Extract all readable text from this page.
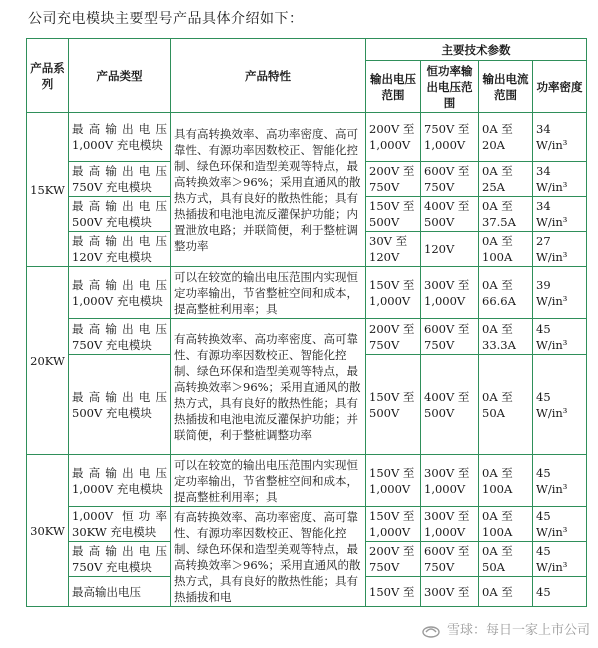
公司充电模块主要型号产品具体介绍如下：
产品系列	产品类型	产品特性	主要技术参数			
			输出电压范围	恒功率输出电压范围	输出电流范围	功率密度
15KW	最高输出电压1,000V 充电模块	具有高转换效率、高功率密度、高可靠性、有源功率因数校正、智能化控制、绿色环保和造型美观等特点，最高转换效率＞96%；采用直通风的散热方式，具有良好的散热性能；具有热插拔和电池电流反灌保护功能；内置泄放电路；并联简便，利于整桩调整功率	200V 至 1,000V	750V 至 1,000V	0A 至 20A	34 W/in³
	最高输出电压750V 充电模块		200V 至 750V	600V 至 750V	0A 至 25A	34 W/in³
	最高输出电压500V 充电模块		150V 至 500V	400V 至 500V	0A 至 37.5A	34 W/in³
	最高输出电压120V 充电模块		30V 至 120V	120V	0A 至 100A	27 W/in³
20KW	最高输出电压1,000V 充电模块	可以在较宽的输出电压范围内实现恒定功率输出，节省整桩空间和成本，提高整桩利用率；具	150V 至 1,000V	300V 至 1,000V	0A 至 66.6A	39 W/in³
	最高输出电压750V 充电模块	有高转换效率、高功率密度、高可靠性、有源功率因数校正、智能化控制、绿色环保和造型美观等特点，最高转换效率＞96%；采用直通风的散热方式，具有良好的散热性能；具有热插拔和电池电流反灌保护功能；并联简便，利于整桩调整功率	200V 至 750V	600V 至 750V	0A 至 33.3A	45 W/in³
	最高输出电压500V 充电模块		150V 至 500V	400V 至 500V	0A 至 50A	45 W/in³
30KW	最高输出电压1,000V 充电模块	可以在较宽的输出电压范围内实现恒定功率输出，节省整桩空间和成本，提高整桩利用率；具	150V 至 1,000V	300V 至 1,000V	0A 至 100A	45 W/in³
	1,000V 恒功率30KW 充电模块	有高转换效率、高功率密度、高可靠性、有源功率因数校正、智能化控制、绿色环保和造型美观等特点，最高转换效率＞96%；采用直通风的散热方式，具有良好的散热性能；具有热插拔和电	150V 至 1,000V	300V 至 1,000V	0A 至 100A	45 W/in³
	最高输出电压750V 充电模块		200V 至 750V	600V 至 750V	0A 至 50A	45 W/in³
	最高输出电压		150V 至	300V 至	0A 至	45
雪球：每日一家上市公司
